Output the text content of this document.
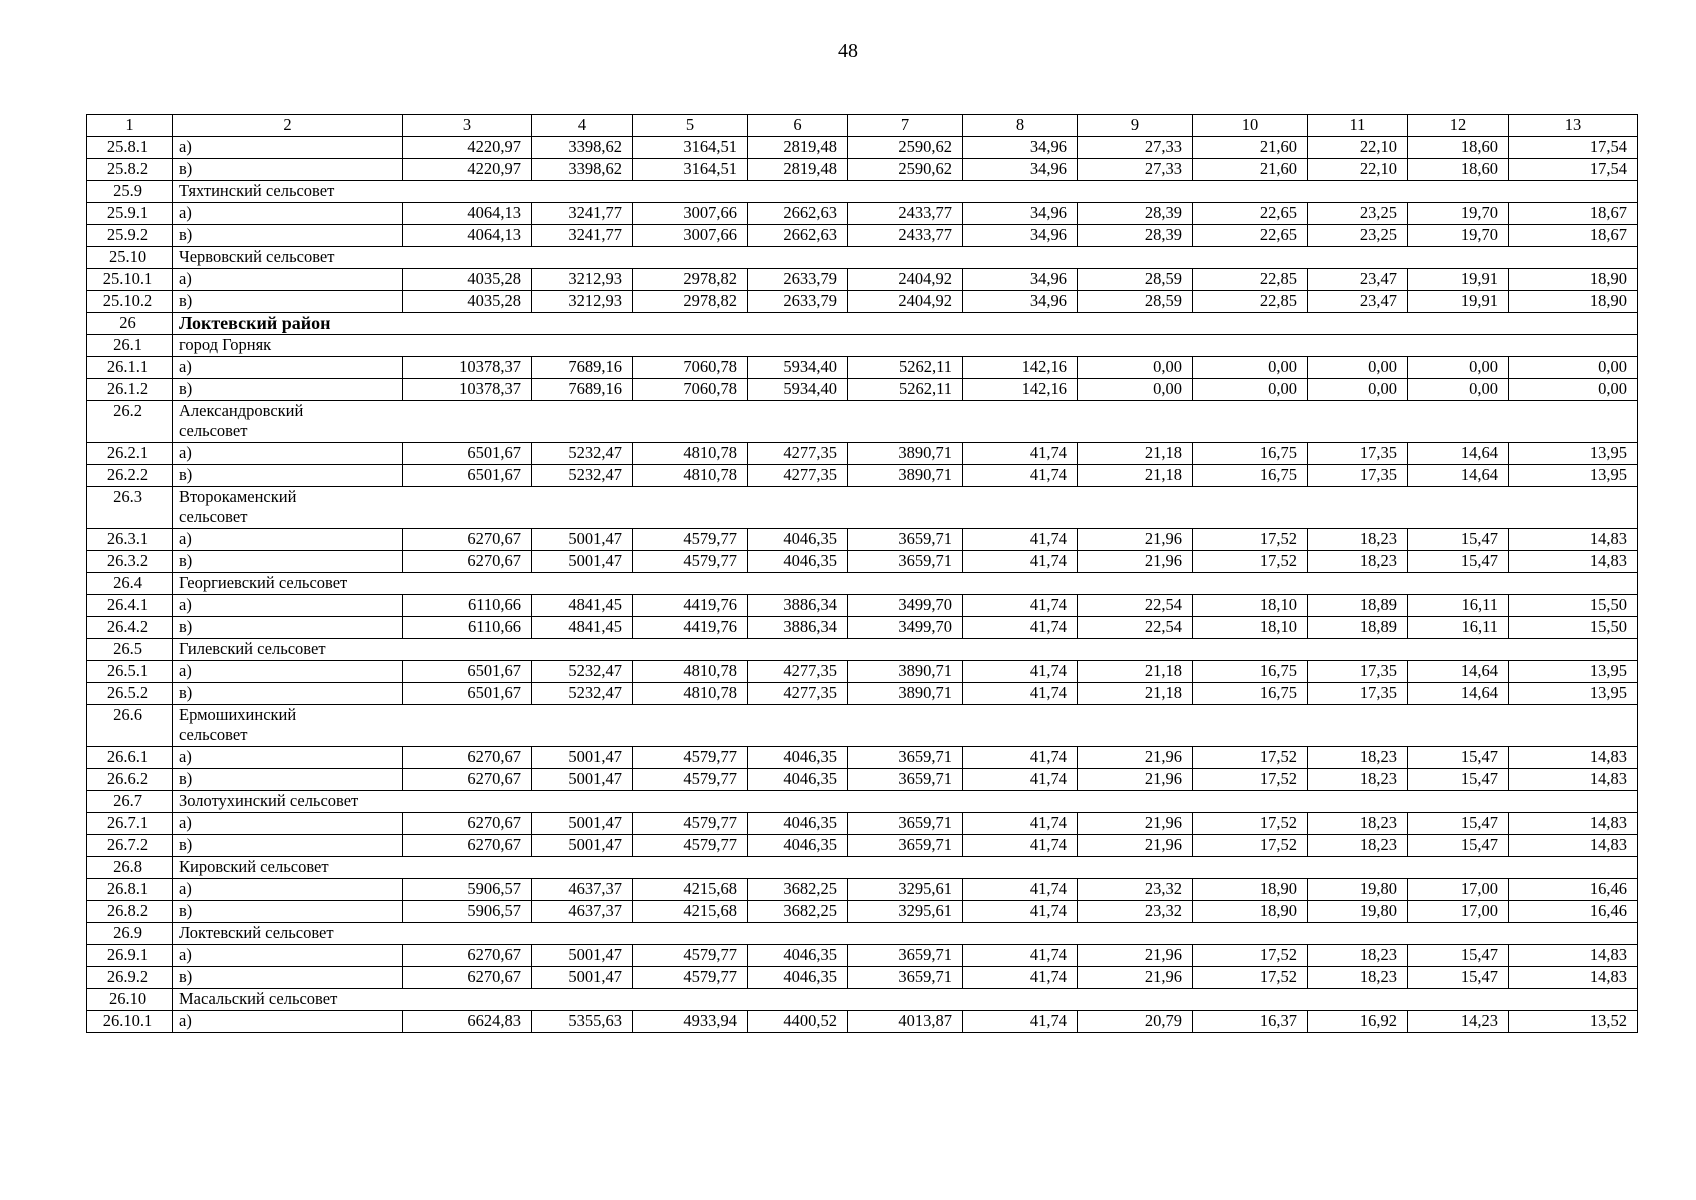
48
1	2	3	4	5	6	7	8	9	10	11	12	13
25.8.1	а)	4220,97	3398,62	3164,51	2819,48	2590,62	34,96	27,33	21,60	22,10	18,60	17,54
25.8.2	в)	4220,97	3398,62	3164,51	2819,48	2590,62	34,96	27,33	21,60	22,10	18,60	17,54
25.9	Тяхтинский сельсовет											
25.9.1	а)	4064,13	3241,77	3007,66	2662,63	2433,77	34,96	28,39	22,65	23,25	19,70	18,67
25.9.2	в)	4064,13	3241,77	3007,66	2662,63	2433,77	34,96	28,39	22,65	23,25	19,70	18,67
25.10	Червовский сельсовет											
25.10.1	а)	4035,28	3212,93	2978,82	2633,79	2404,92	34,96	28,59	22,85	23,47	19,91	18,90
25.10.2	в)	4035,28	3212,93	2978,82	2633,79	2404,92	34,96	28,59	22,85	23,47	19,91	18,90
26	Локтевский район											
26.1	город Горняк											
26.1.1	а)	10378,37	7689,16	7060,78	5934,40	5262,11	142,16	0,00	0,00	0,00	0,00	0,00
26.1.2	в)	10378,37	7689,16	7060,78	5934,40	5262,11	142,16	0,00	0,00	0,00	0,00	0,00
26.2	Александровский сельсовет											
26.2.1	а)	6501,67	5232,47	4810,78	4277,35	3890,71	41,74	21,18	16,75	17,35	14,64	13,95
26.2.2	в)	6501,67	5232,47	4810,78	4277,35	3890,71	41,74	21,18	16,75	17,35	14,64	13,95
26.3	Второкаменский сельсовет											
26.3.1	а)	6270,67	5001,47	4579,77	4046,35	3659,71	41,74	21,96	17,52	18,23	15,47	14,83
26.3.2	в)	6270,67	5001,47	4579,77	4046,35	3659,71	41,74	21,96	17,52	18,23	15,47	14,83
26.4	Георгиевский сельсовет											
26.4.1	а)	6110,66	4841,45	4419,76	3886,34	3499,70	41,74	22,54	18,10	18,89	16,11	15,50
26.4.2	в)	6110,66	4841,45	4419,76	3886,34	3499,70	41,74	22,54	18,10	18,89	16,11	15,50
26.5	Гилевский сельсовет											
26.5.1	а)	6501,67	5232,47	4810,78	4277,35	3890,71	41,74	21,18	16,75	17,35	14,64	13,95
26.5.2	в)	6501,67	5232,47	4810,78	4277,35	3890,71	41,74	21,18	16,75	17,35	14,64	13,95
26.6	Ермошихинский сельсовет											
26.6.1	а)	6270,67	5001,47	4579,77	4046,35	3659,71	41,74	21,96	17,52	18,23	15,47	14,83
26.6.2	в)	6270,67	5001,47	4579,77	4046,35	3659,71	41,74	21,96	17,52	18,23	15,47	14,83
26.7	Золотухинский сельсовет											
26.7.1	а)	6270,67	5001,47	4579,77	4046,35	3659,71	41,74	21,96	17,52	18,23	15,47	14,83
26.7.2	в)	6270,67	5001,47	4579,77	4046,35	3659,71	41,74	21,96	17,52	18,23	15,47	14,83
26.8	Кировский сельсовет											
26.8.1	а)	5906,57	4637,37	4215,68	3682,25	3295,61	41,74	23,32	18,90	19,80	17,00	16,46
26.8.2	в)	5906,57	4637,37	4215,68	3682,25	3295,61	41,74	23,32	18,90	19,80	17,00	16,46
26.9	Локтевский сельсовет											
26.9.1	а)	6270,67	5001,47	4579,77	4046,35	3659,71	41,74	21,96	17,52	18,23	15,47	14,83
26.9.2	в)	6270,67	5001,47	4579,77	4046,35	3659,71	41,74	21,96	17,52	18,23	15,47	14,83
26.10	Масальский сельсовет											
26.10.1	а)	6624,83	5355,63	4933,94	4400,52	4013,87	41,74	20,79	16,37	16,92	14,23	13,52
